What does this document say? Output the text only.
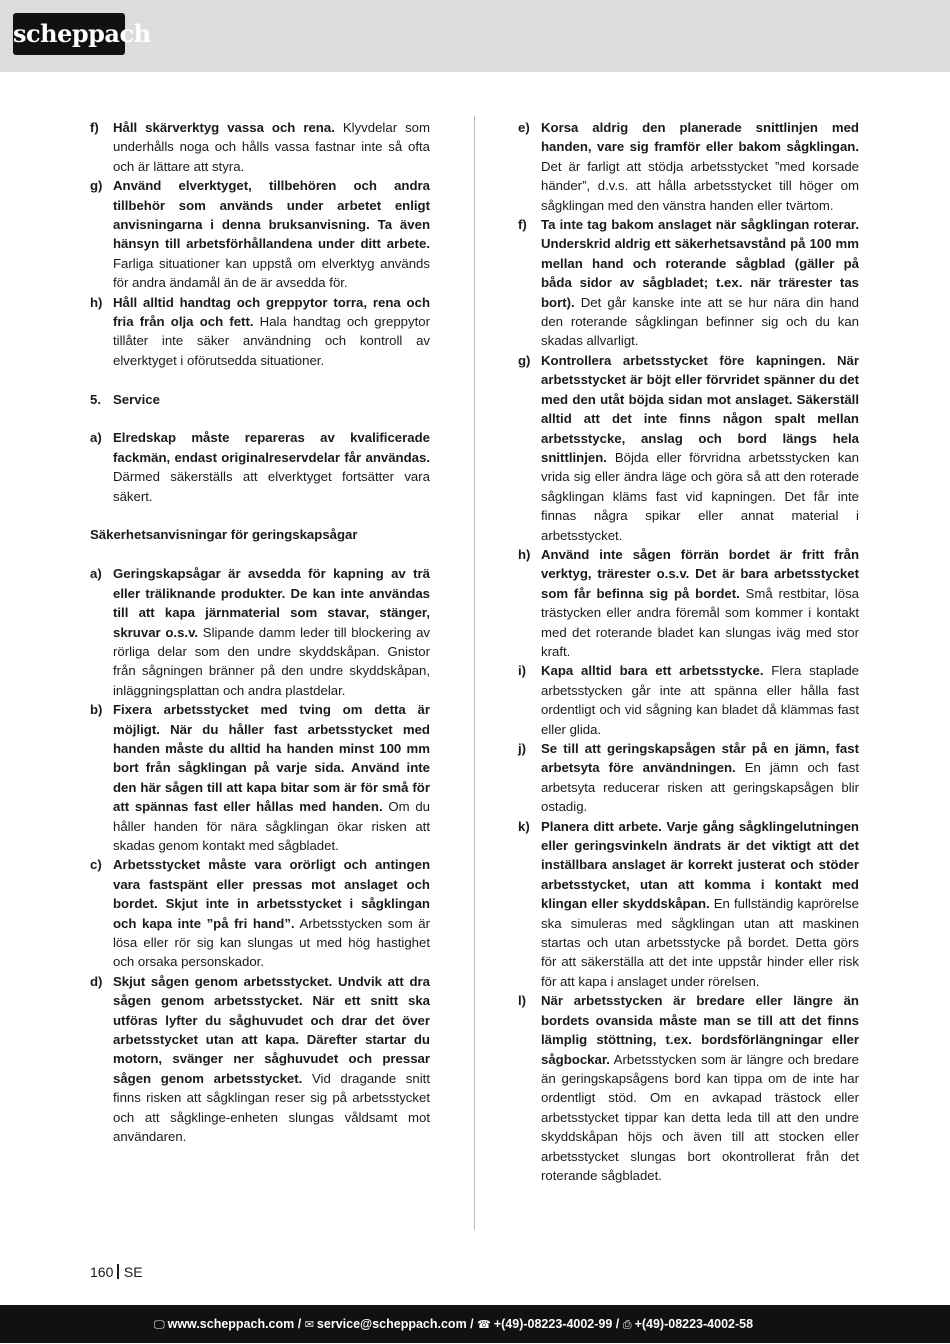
scheppach
f) Håll skärverktyg vassa och rena. Klyvdelar som underhålls noga och hålls vassa fastnar inte så ofta och är lättare att styra.
g) Använd elverktyget, tillbehören och andra tillbehör som används under arbetet enligt anvisningarna i denna bruksanvisning. Ta även hänsyn till arbetsförhållandena under ditt arbete. Farliga situationer kan uppstå om elverktyg används för andra ändamål än de är avsedda för.
h) Håll alltid handtag och greppytor torra, rena och fria från olja och fett. Hala handtag och greppytor tillåter inte säker användning och kontroll av elverktyget i oförutsedda situationer.
5. Service
a) Elredskap måste repareras av kvalificerade fackmän, endast originalreservdelar får användas. Därmed säkerställs att elverktyget fortsätter vara säkert.
Säkerhetsanvisningar för geringskapsågar
a) Geringskapsågar är avsedda för kapning av trä eller träliknande produkter. De kan inte användas till att kapa järnmaterial som stavar, stänger, skruvar o.s.v. Slipande damm leder till blockering av rörliga delar som den undre skyddskåpan. Gnistor från sågningen bränner på den undre skyddskåpan, inläggningsplattan och andra plastdelar.
b) Fixera arbetsstycket med tving om detta är möjligt. När du håller fast arbetsstycket med handen måste du alltid ha handen minst 100 mm bort från sågklingan på varje sida. Använd inte den här sågen till att kapa bitar som är för små för att spännas fast eller hållas med handen. Om du håller handen för nära sågklingan ökar risken att skadas genom kontakt med sågbladet.
c) Arbetsstycket måste vara orörligt och antingen vara fastspänt eller pressas mot anslaget och bordet. Skjut inte in arbetsstycket i sågklingan och kapa inte ”på fri hand”. Arbetsstycken som är lösa eller rör sig kan slungas ut med hög hastighet och orsaka personskador.
d) Skjut sågen genom arbetsstycket. Undvik att dra sågen genom arbetsstycket. När ett snitt ska utföras lyfter du såghuvudet och drar det över arbetsstycket utan att kapa. Därefter startar du motorn, svänger ner såghuvudet och pressar sågen genom arbetsstycket. Vid dragande snitt finns risken att sågklingan reser sig på arbetsstycket och att sågklinge-enheten slungas våldsamt mot användaren.
e) Korsa aldrig den planerade snittlinjen med handen, vare sig framför eller bakom sågklingan. Det är farligt att stödja arbetsstycket ”med korsade händer”, d.v.s. att hålla arbetsstycket till höger om sågklingan med den vänstra handen eller tvärtom.
f) Ta inte tag bakom anslaget när sågklingan roterar. Underskrid aldrig ett säkerhetsavstånd på 100 mm mellan hand och roterande sågblad (gäller på båda sidor av sågbladet; t.ex. när trärester tas bort). Det går kanske inte att se hur nära din hand den roterande sågklingan befinner sig och du kan skadas allvarligt.
g) Kontrollera arbetsstycket före kapningen. När arbetsstycket är böjt eller förvridet spänner du det med den utåt böjda sidan mot anslaget. Säkerställ alltid att det inte finns någon spalt mellan arbetsstycke, anslag och bord längs hela snittlinjen. Böjda eller förvridna arbetsstycken kan vrida sig eller ändra läge och göra så att den roterade sågklingan kläms fast vid kapningen. Det får inte finnas några spikar eller annat material i arbetsstycket.
h) Använd inte sågen förrän bordet är fritt från verktyg, trärester o.s.v. Det är bara arbetsstycket som får befinna sig på bordet. Små restbitar, lösa trästycken eller andra föremål som kommer i kontakt med det roterande bladet kan slungas iväg med stor kraft.
i) Kapa alltid bara ett arbetsstycke. Flera staplade arbetsstycken går inte att spänna eller hålla fast ordentligt och vid sågning kan bladet då klämmas fast eller glida.
j) Se till att geringskapsågen står på en jämn, fast arbetsyta före användningen. En jämn och fast arbetsyta reducerar risken att geringskapsågen blir ostadig.
k) Planera ditt arbete. Varje gång sågklingelutningen eller geringsvinkeln ändrats är det viktigt att det inställbara anslaget är korrekt justerat och stöder arbetsstycket, utan att komma i kontakt med klingan eller skyddskåpan. En fullständig kaprörelse ska simuleras med sågklingan utan att maskinen startas och utan arbetsstycke på bordet. Detta görs för att säkerställa att det inte uppstår hinder eller risk för att kapa i anslaget under rörelsen.
l) När arbetsstycken är bredare eller längre än bordets ovansida måste man se till att det finns lämplig stöttning, t.ex. bordsförlängningar eller sågbockar. Arbetsstycken som är längre och bredare än geringskapsågens bord kan tippa om de inte har ordentligt stöd. Om en avkapad trästock eller arbetsstycket tippar kan detta leda till att den undre skyddskåpan höjs och även till att stocken eller arbetsstycket slungas bort okontrollerat från det roterande sågbladet.
160 SE
🖵 www.scheppach.com / ✉ service@scheppach.com / ☎ +(49)-08223-4002-99 / ⎙ +(49)-08223-4002-58
